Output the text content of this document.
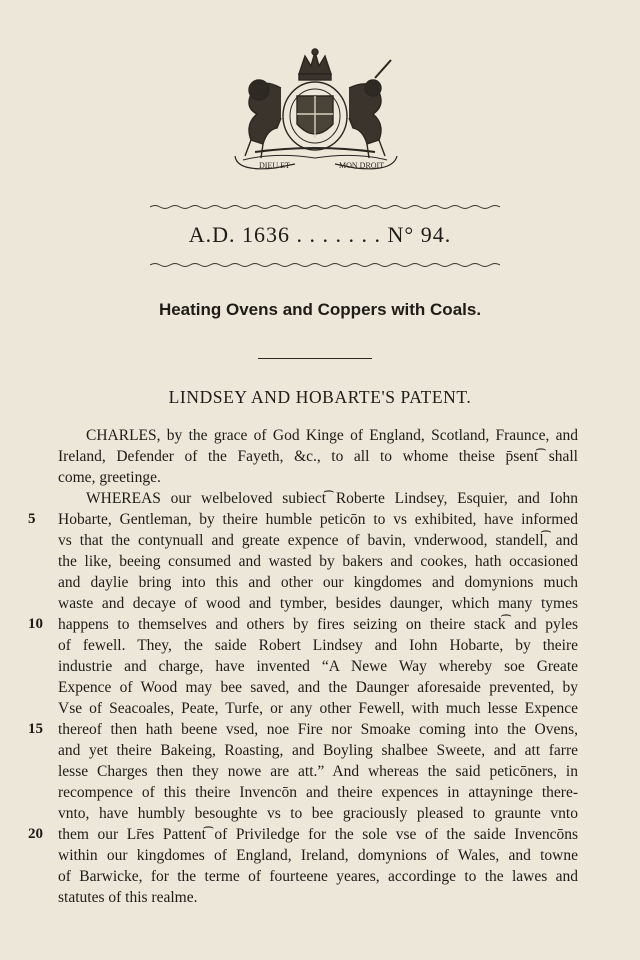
DIEU ET	MON DROIT
A.D. 1636 . . . . . . . N° 94.
Heating Ovens and Coppers with Coals.
LINDSEY AND HOBARTE'S PATENT.
CHARLES, by the grace of God Kinge of England, Scotland, Fraunce, and
Ireland, Defender of the Fayeth, &c., to all to whome theise p̄sent͡ shall
come, greetinge.
WHEREAS our welbeloved subiect͡ Roberte Lindsey, Esquier, and Iohn
5	Hobarte, Gentleman, by theire humble peticōn to vs exhibited, have informed
vs that the contynuall and greate expence of bavin, vnderwood, standell͡, and
the like, beeing consumed and wasted by bakers and cookes, hath occasioned
and daylie bring into this and other our kingdomes and domynions much
waste and decaye of wood and tymber, besides daunger, which many tymes
10 happens to themselves and others by fires seizing on theire stack͡ and pyles
of fewell. They, the saide Robert Lindsey and Iohn Hobarte, by theire
industrie and charge, have invented “A Newe Way whereby soe Greate
Expence of Wood may bee saved, and the Daunger aforesaide prevented, by
Vse of Seacoales, Peate, Turfe, or any other Fewell, with much lesse Expence
15 thereof then hath beene vsed, noe Fire nor Smoake coming into the Ovens,
and yet theire Bakeing, Roasting, and Boyling shalbee Sweete, and att farre
lesse Charges then they nowe are att.” And whereas the said peticōners, in
recompence of this theire Invencōn and theire expences in attayninge there-
vnto, have humbly besoughte vs to bee graciously pleased to graunte vnto
20 them our Lr̄es Pattent͡ of Priviledge for the sole vse of the saide Invencōns
within our kingdomes of England, Ireland, domynions of Wales, and towne
of Barwicke, for the terme of fourteene yeares, accordinge to the lawes and
statutes of this realme.
